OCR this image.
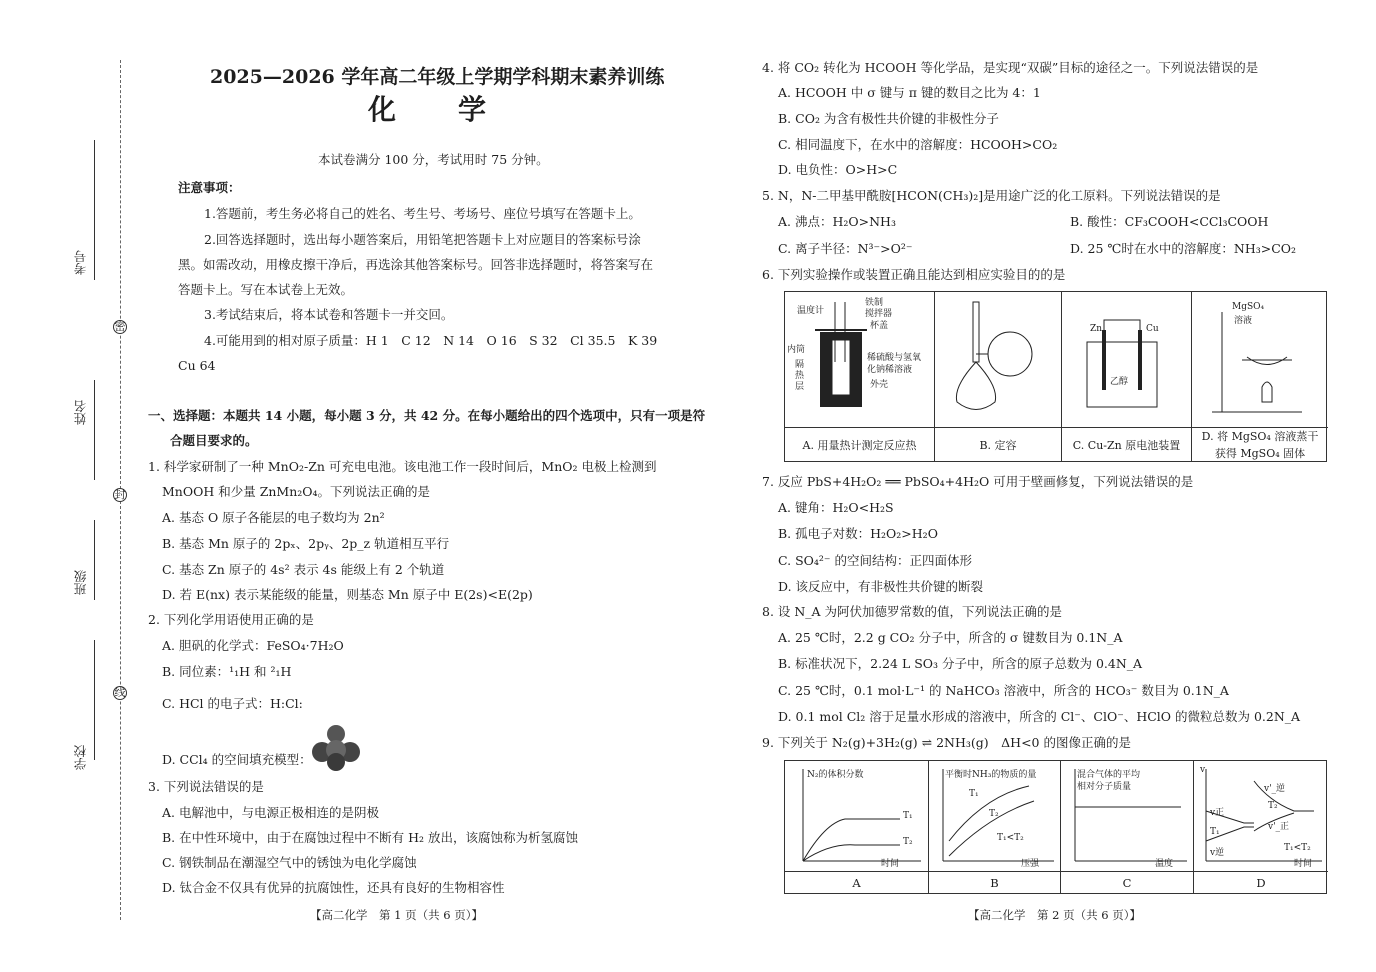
考号
姓名
班级
学校
密
封
线
2025—2026 学年高二年级上学期学科期末素养训练
化　　学
本试卷满分 100 分，考试用时 75 分钟。
注意事项：
1.答题前，考生务必将自己的姓名、考生号、考场号、座位号填写在答题卡上。
2.回答选择题时，选出每小题答案后，用铅笔把答题卡上对应题目的答案标号涂
黑。如需改动，用橡皮擦干净后，再选涂其他答案标号。回答非选择题时，将答案写在
答题卡上。写在本试卷上无效。
3.考试结束后，将本试卷和答题卡一并交回。
4.可能用到的相对原子质量：H 1　C 12　N 14　O 16　S 32　Cl 35.5　K 39
Cu 64
一、选择题：本题共 14 小题，每小题 3 分，共 42 分。在每小题给出的四个选项中，只有一项是符
合题目要求的。
1. 科学家研制了一种 MnO₂-Zn 可充电电池。该电池工作一段时间后，MnO₂ 电极上检测到
MnOOH 和少量 ZnMn₂O₄。下列说法正确的是
A. 基态 O 原子各能层的电子数均为 2n²
B. 基态 Mn 原子的 2pₓ、2pᵧ、2p_z 轨道相互平行
C. 基态 Zn 原子的 4s² 表示 4s 能级上有 2 个轨道
D. 若 E(nx) 表示某能级的能量，则基态 Mn 原子中 E(2s)<E(2p)
2. 下列化学用语使用正确的是
A. 胆矾的化学式：FeSO₄·7H₂O
B. 同位素：¹₁H 和 ²₁H
C. HCl 的电子式：H:Cl:
D. CCl₄ 的空间填充模型：
3. 下列说法错误的是
A. 电解池中，与电源正极相连的是阴极
B. 在中性环境中，由于在腐蚀过程中不断有 H₂ 放出，该腐蚀称为析氢腐蚀
C. 钢铁制品在潮湿空气中的锈蚀为电化学腐蚀
D. 钛合金不仅具有优异的抗腐蚀性，还具有良好的生物相容性
【高二化学　第 1 页（共 6 页）】
4. 将 CO₂ 转化为 HCOOH 等化学品，是实现“双碳”目标的途径之一。下列说法错误的是
A. HCOOH 中 σ 键与 π 键的数目之比为 4：1
B. CO₂ 为含有极性共价键的非极性分子
C. 相同温度下，在水中的溶解度：HCOOH>CO₂
D. 电负性：O>H>C
5. N，N-二甲基甲酰胺[HCON(CH₃)₂]是用途广泛的化工原料。下列说法错误的是
A. 沸点：H₂O>NH₃	B. 酸性：CF₃COOH<CCl₃COOH
C. 离子半径：N³⁻>O²⁻	D. 25 ℃时在水中的溶解度：NH₃>CO₂
6. 下列实验操作或装置正确且能达到相应实验目的的是
温度计
铁制
搅拌器
杯盖
内筒
隔
热
层
稀硫酸与氢氧
化钠稀溶液
外壳
Zn	Cu
乙醇
MgSO₄
溶液
A. 用量热计测定反应热	B. 定容	C. Cu-Zn 原电池装置
D. 将 MgSO₄ 溶液蒸干
获得 MgSO₄ 固体
7. 反应 PbS+4H₂O₂ ══ PbSO₄+4H₂O 可用于壁画修复，下列说法错误的是
A. 键角：H₂O<H₂S
B. 孤电子对数：H₂O₂>H₂O
C. SO₄²⁻ 的空间结构：正四面体形
D. 该反应中，有非极性共价键的断裂
8. 设 N_A 为阿伏加德罗常数的值，下列说法正确的是
A. 25 ℃时，2.2 g CO₂ 分子中，所含的 σ 键数目为 0.1N_A
B. 标准状况下，2.24 L SO₃ 分子中，所含的原子总数为 0.4N_A
C. 25 ℃时，0.1 mol·L⁻¹ 的 NaHCO₃ 溶液中，所含的 HCO₃⁻ 数目为 0.1N_A
D. 0.1 mol Cl₂ 溶于足量水形成的溶液中，所含的 Cl⁻、ClO⁻、HClO 的微粒总数为 0.2N_A
9. 下列关于 N₂(g)+3H₂(g) ⇌ 2NH₃(g)　ΔH<0 的图像正确的是
N₂的体积分数
时间
T₁
T₂
平衡时NH₃的物质的量
压强
T₁
T₂
T₁<T₂
混合气体的平均
相对分子质量
温度
v
时间
v'_逆
v'_正
v正
v逆
T₁
T₂
T₁<T₂
A	B	C	D
【高二化学　第 2 页（共 6 页）】
